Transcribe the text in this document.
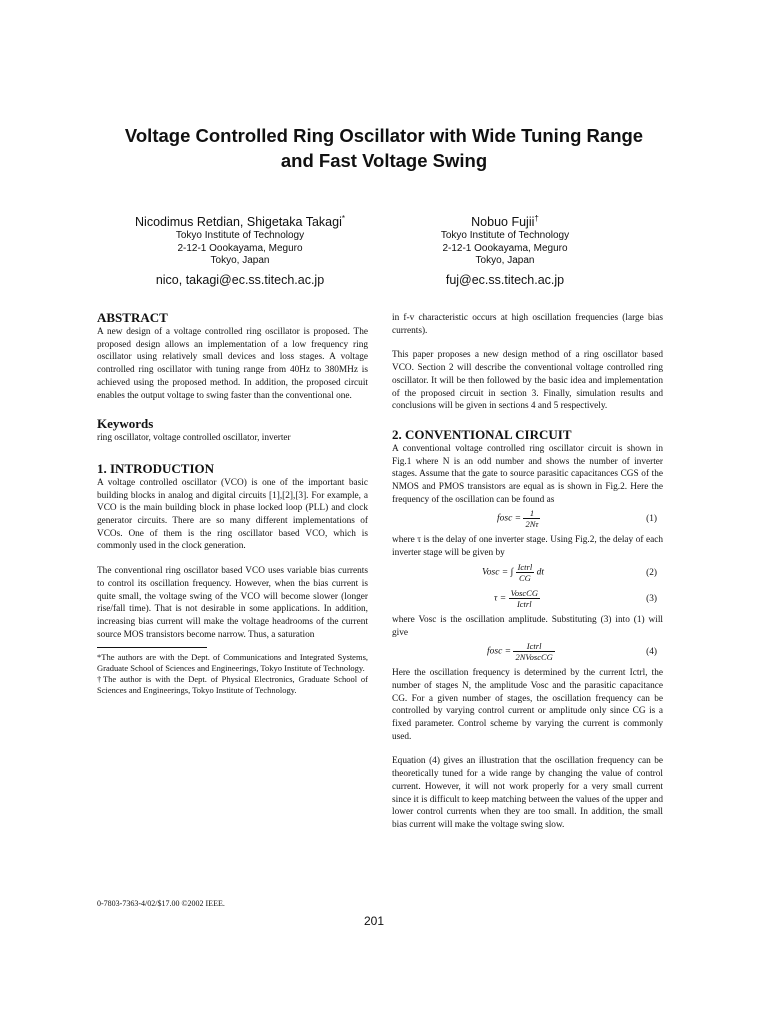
Voltage Controlled Ring Oscillator with Wide Tuning Range
and Fast Voltage Swing
Nicodimus Retdian, Shigetaka Takagi*
Tokyo Institute of Technology
2-12-1 Oookayama, Meguro
Tokyo, Japan
nico, takagi@ec.ss.titech.ac.jp
Nobuo Fujii†
Tokyo Institute of Technology
2-12-1 Oookayama, Meguro
Tokyo, Japan
fuj@ec.ss.titech.ac.jp
ABSTRACT

A new design of a voltage controlled ring oscillator is proposed. The proposed design allows an implementation of a low frequency ring oscillator using relatively small devices and loss stages. A voltage controlled ring oscillator with tuning range from 40Hz to 380MHz is achieved using the proposed method. In addition, the proposed circuit enables the output voltage to swing faster than the conventional one.

Keywords

ring oscillator, voltage controlled oscillator, inverter

1. INTRODUCTION

A voltage controlled oscillator (VCO) is one of the important basic building blocks in analog and digital circuits [1],[2],[3]. For example, a VCO is the main building block in phase locked loop (PLL) and clock generator circuits. There are so many different implementations of VCOs. One of them is the ring oscillator based VCO, which is commonly used in the clock generation.

The conventional ring oscillator based VCO uses variable bias currents to control its oscillation frequency. However, when the bias current is quite small, the voltage swing of the VCO will become slower (longer rise/fall time). That is not desirable in some applications. In addition, increasing bias current will make the voltage headrooms of the current source MOS transistors become narrow. Thus, a saturation

*The authors are with the Dept. of Communications and Integrated Systems, Graduate School of Sciences and Engineerings, Tokyo Institute of Technology.

†The author is with the Dept. of Physical Electronics, Graduate School of Sciences and Engineerings, Tokyo Institute of Technology.

in f-v characteristic occurs at high oscillation frequencies (large bias currents).

This paper proposes a new design method of a ring oscillator based VCO. Section 2 will describe the conventional voltage controlled ring oscillator. It will be then followed by the basic idea and implementation of the proposed circuit in section 3. Finally, simulation results and conclusions will be given in sections 4 and 5 respectively.

2. CONVENTIONAL CIRCUIT

A conventional voltage controlled ring oscillator circuit is shown in Fig.1 where N is an odd number and shows the number of inverter stages. Assume that the gate to source parasitic capacitances CGS of the NMOS and PMOS transistors are equal as is shown in Fig.2. Here the frequency of the oscillation can be found as

fosc = $\frac{1}{2N\tau}$	(1)

where τ is the delay of one inverter stage. Using Fig.2, the delay of each inverter stage will be given by

Vosc = ∫ $\frac{\text{Ictrl}}{CG}$ dt	(2)
$\tau = \frac{\text{VoscCG}}{\text{Ictrl}}$	(3)

where Vosc is the oscillation amplitude. Substituting (3) into (1) will give

fosc = $\frac{\text{Ictrl}}{\text{2NVoscCG}}$	(4)

Here the oscillation frequency is determined by the current Ictrl, the number of stages N, the amplitude Vosc and the parasitic capacitance CG. For a given number of stages, the oscillation frequency can be controlled by varying control current or amplitude only since CG is a fixed parameter. Control scheme by varying the current is commonly used.

Equation (4) gives an illustration that the oscillation frequency can be theoretically tuned for a wide range by changing the value of control current. However, it will not work properly for a very small current since it is difficult to keep matching between the values of the upper and lower control currents when they are too small. In addition, the small bias current will make the voltage swing slow.

0-7803-7363-4/02/$17.00 ©2002 IEEE.
201
